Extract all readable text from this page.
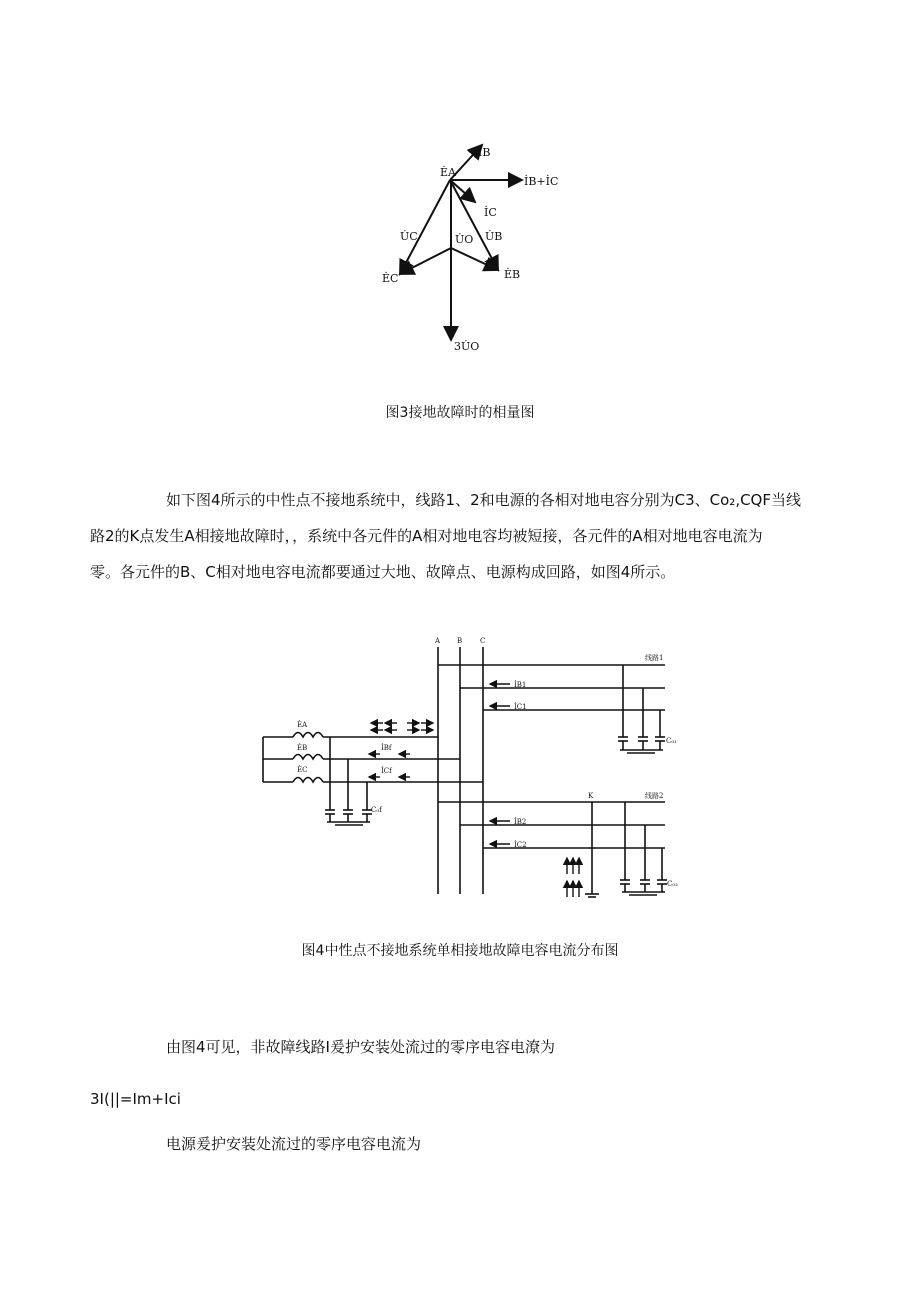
İB
ĖA
İB+İC
İC
U̇C	U̇O U̇B
ĖC	ĖB
3U̇O
图3接地故障时的相量图
如下图4所示的中性点不接地系统中，线路1、2和电源的各相对地电容分别为C3、Co₂,CQF当线
路2的K点发生A相接地故障时，，系统中各元件的A相对地电容均被短接，各元件的A相对地电容电流为
零。各元件的B、C相对地电容电流都要通过大地、故障点、电源构成回路，如图4所示。
A B	C
线路1
线路2
K
ĖA
ĖB
ĖC
İB1
İC1
İB2
İC2
İBf
İCf
C₀₁
C₀₂
C₀f
图4中性点不接地系统单相接地故障电容电流分布图
由图4可见，非故障线路I爰护安装处流过的零序电容电潦为
3I(||=Im+Ici
电源爰护安装处流过的零序电容电流为
